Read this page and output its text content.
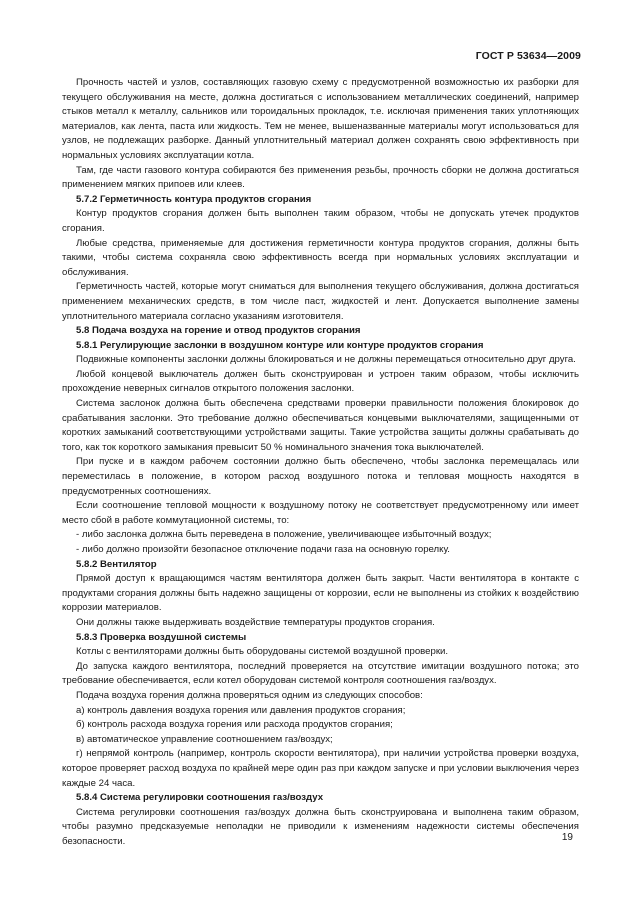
ГОСТ Р 53634—2009

Прочность частей и узлов, составляющих газовую схему с предусмотренной возможностью их разборки для текущего обслуживания на месте, должна достигаться с использованием металлических соединений, например стыков металл к металлу, сальников или тороидальных прокладок, т.е. исключая применения таких уплотняющих материалов, как лента, паста или жидкость. Тем не менее, вышеназванные материалы могут использоваться для узлов, не подлежащих разборке. Данный уплотнительный материал должен сохранять свою эффективность при нормальных условиях эксплуатации котла.

Там, где части газового контура собираются без применения резьбы, прочность сборки не должна достигаться применением мягких припоев или клеев.

5.7.2 Герметичность контура продуктов сгорания

Контур продуктов сгорания должен быть выполнен таким образом, чтобы не допускать утечек продуктов сгорания.

Любые средства, применяемые для достижения герметичности контура продуктов сгорания, должны быть такими, чтобы система сохраняла свою эффективность всегда при нормальных условиях эксплуатации и обслуживания.

Герметичность частей, которые могут сниматься для выполнения текущего обслуживания, должна достигаться применением механических средств, в том числе паст, жидкостей и лент. Допускается выполнение замены уплотнительного материала согласно указаниям изготовителя.

5.8 Подача воздуха на горение и отвод продуктов сгорания

5.8.1 Регулирующие заслонки в воздушном контуре или контуре продуктов сгорания

Подвижные компоненты заслонки должны блокироваться и не должны перемещаться относительно друг друга.

Любой концевой выключатель должен быть сконструирован и устроен таким образом, чтобы исключить прохождение неверных сигналов открытого положения заслонки.

Система заслонок должна быть обеспечена средствами проверки правильности положения блокировок до срабатывания заслонки. Это требование должно обеспечиваться концевыми выключателями, защищенными от коротких замыканий соответствующими устройствами защиты. Такие устройства защиты должны срабатывать до того, как ток короткого замыкания превысит 50 % номинального значения тока выключателей.

При пуске и в каждом рабочем состоянии должно быть обеспечено, чтобы заслонка перемещалась или переместилась в положение, в котором расход воздушного потока и тепловая мощность находятся в предусмотренных соотношениях.

Если соотношение тепловой мощности к воздушному потоку не соответствует предусмотренному или имеет место сбой в работе коммутационной системы, то:

- либо заслонка должна быть переведена в положение, увеличивающее избыточный воздух;

- либо должно произойти безопасное отключение подачи газа на основную горелку.

5.8.2 Вентилятор

Прямой доступ к вращающимся частям вентилятора должен быть закрыт. Части вентилятора в контакте с продуктами сгорания должны быть надежно защищены от коррозии, если не выполнены из стойких к воздействию коррозии материалов.

Они должны также выдерживать воздействие температуры продуктов сгорания.

5.8.3 Проверка воздушной системы

Котлы с вентиляторами должны быть оборудованы системой воздушной проверки.

До запуска каждого вентилятора, последний проверяется на отсутствие имитации воздушного потока; это требование обеспечивается, если котел оборудован системой контроля соотношения газ/воздух.

Подача воздуха горения должна проверяться одним из следующих способов:

а) контроль давления воздуха горения или давления продуктов сгорания;

б) контроль расхода воздуха горения или расхода продуктов сгорания;

в) автоматическое управление соотношением газ/воздух;

г) непрямой контроль (например, контроль скорости вентилятора), при наличии устройства проверки воздуха, которое проверяет расход воздуха по крайней мере один раз при каждом запуске и при условии выключения через каждые 24 часа.

5.8.4 Система регулировки соотношения газ/воздух

Система регулировки соотношения газ/воздух должна быть сконструирована и выполнена таким образом, чтобы разумно предсказуемые неполадки не приводили к изменениям надежности системы обеспечения безопасности.	19
